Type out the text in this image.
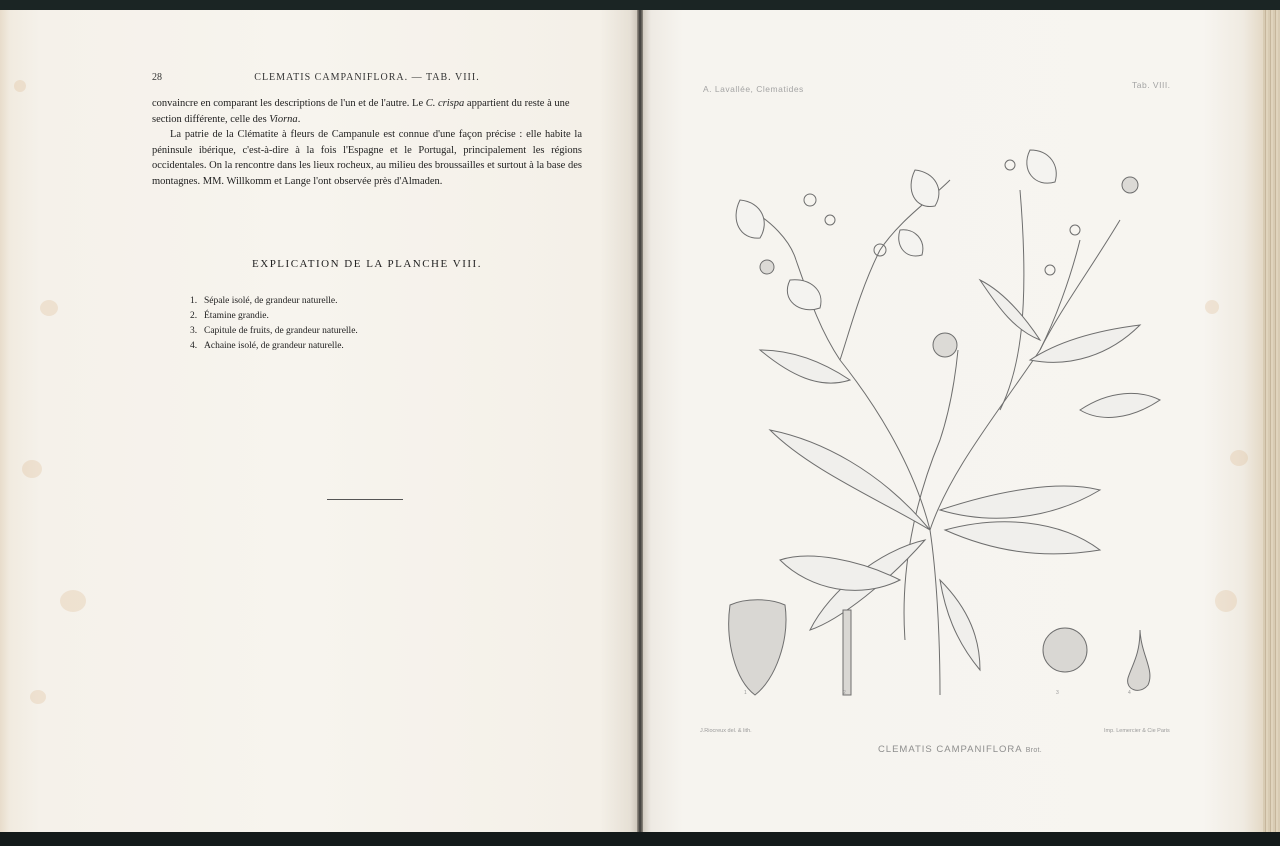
28	CLEMATIS CAMPANIFLORA. — TAB. VIII.

convaincre en comparant les descriptions de l'un et de l'autre. Le C. crispa appartient du reste à une
section différente, celle des Viorna.

La patrie de la Clématite à fleurs de Campanule est connue d'une façon précise : elle habite la péninsule ibérique, c'est-à-dire à la fois l'Espagne et le Portugal, principalement les régions occidentales. On la rencontre dans les lieux rocheux, au milieu des broussailles et surtout à la base des montagnes. MM. Willkomm et Lange l'ont observée près d'Almaden.

EXPLICATION DE LA PLANCHE VIII.
1. Sépale isolé, de grandeur naturelle.
2. Étamine grandie.
3. Capitule de fruits, de grandeur naturelle.
4. Achaine isolé, de grandeur naturelle.
A. Lavallée, Clematides	Tab. VIII.
1	2	3	4
J.Riocreux del. & lith.	Imp. Lemercier & Cie Paris
CLEMATIS CAMPANIFLORA Brot.
